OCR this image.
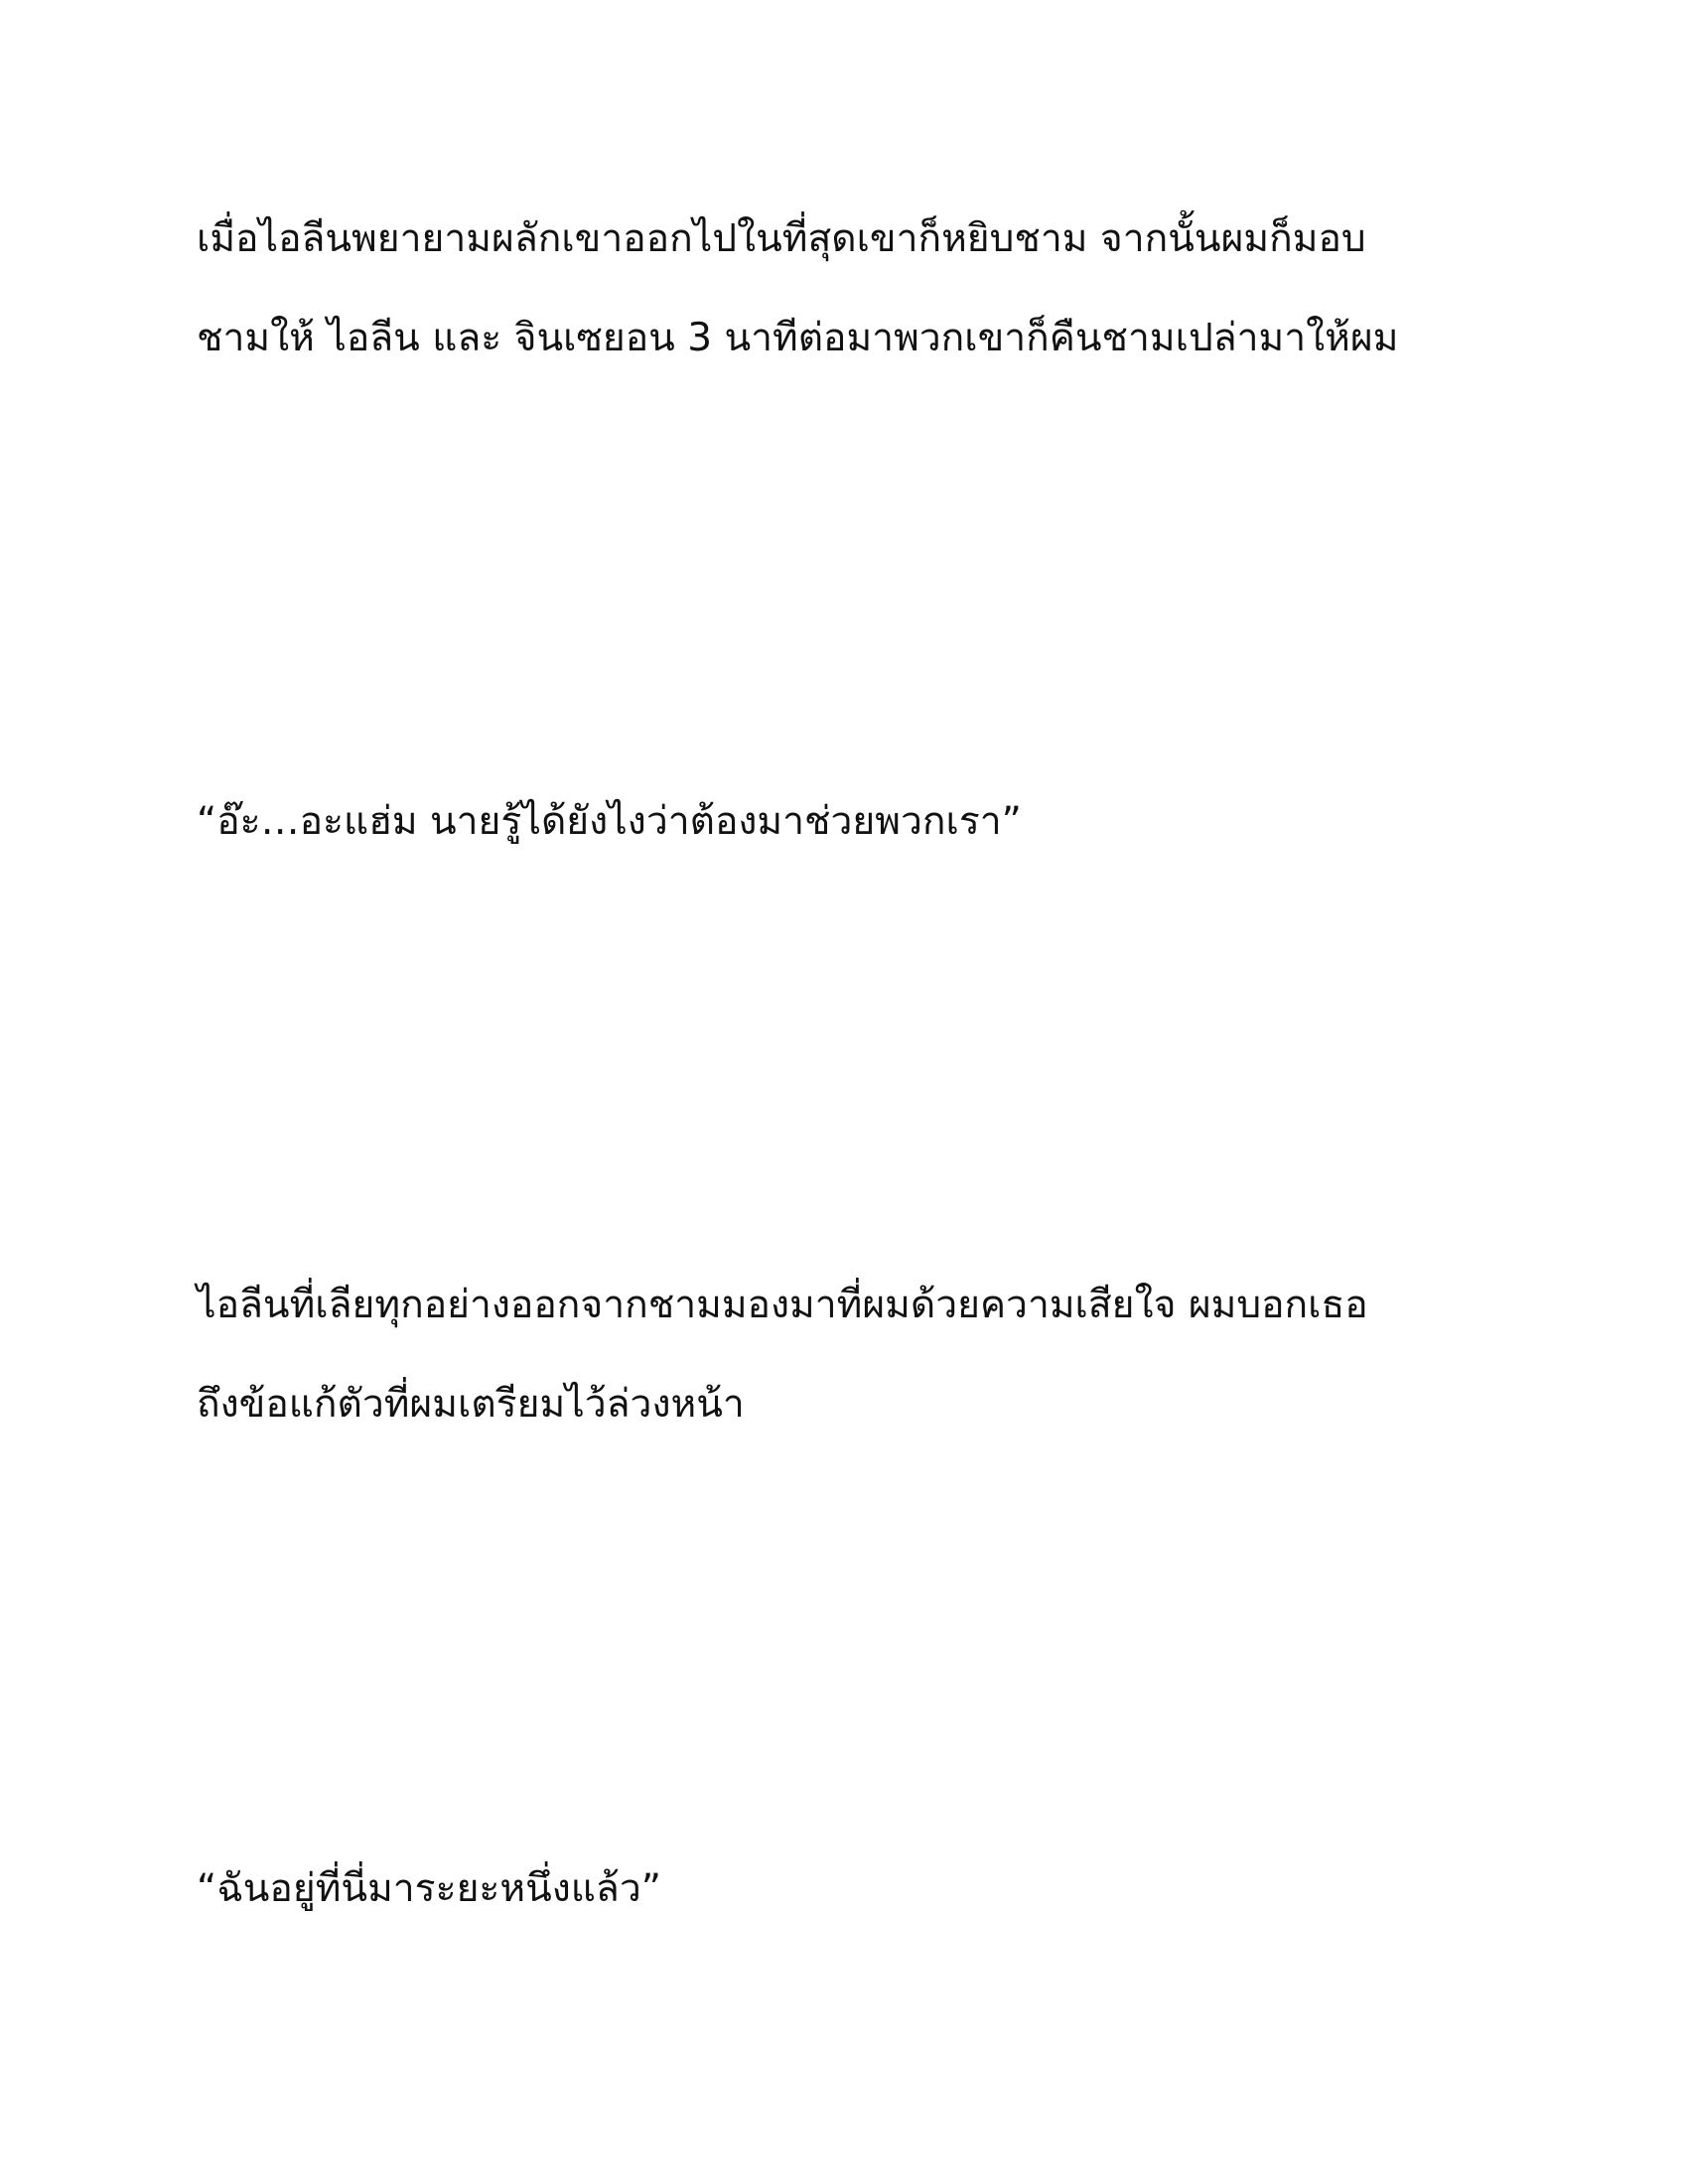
เมื่อไอลีนพยายามผลักเขาออกไปในที่สุดเขาก็หยิบชาม จากนั้นผมก็มอบ

ชามให้ ไอลีน และ จินเซยอน 3 นาทีต่อมาพวกเขาก็คืนชามเปล่ามาให้ผม

“อ๊ะ…อะแฮ่ม นายรู้ได้ยังไงว่าต้องมาช่วยพวกเรา”

ไอลีนที่เลียทุกอย่างออกจากชามมองมาที่ผมด้วยความเสียใจ ผมบอกเธอ

ถึงข้อแก้ตัวที่ผมเตรียมไว้ล่วงหน้า

“ฉันอยู่ที่นี่มาระยะหนึ่งแล้ว”
